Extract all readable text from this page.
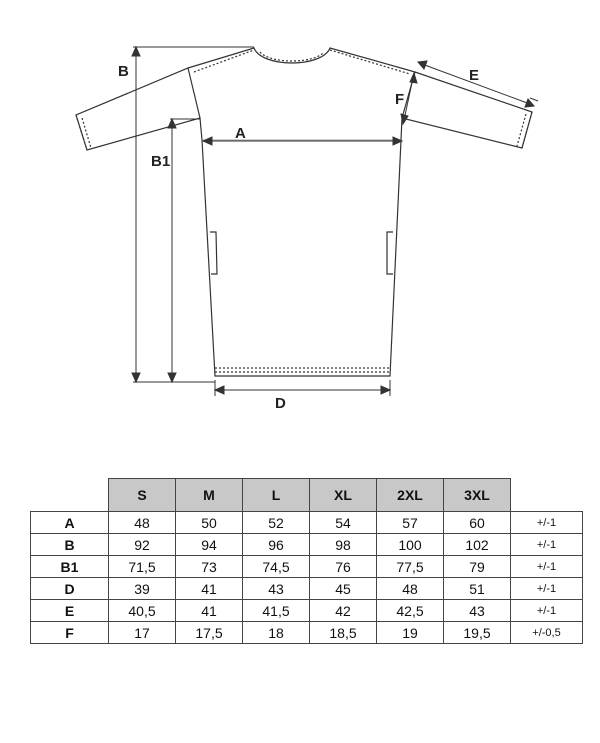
B
B1
A
D
E
F
	S	M	L	XL	2XL	3XL	
A	48	50	52	54	57	60	+/-1
B	92	94	96	98	100	102	+/-1
B1	71,5	73	74,5	76	77,5	79	+/-1
D	39	41	43	45	48	51	+/-1
E	40,5	41	41,5	42	42,5	43	+/-1
F	17	17,5	18	18,5	19	19,5	+/-0,5
